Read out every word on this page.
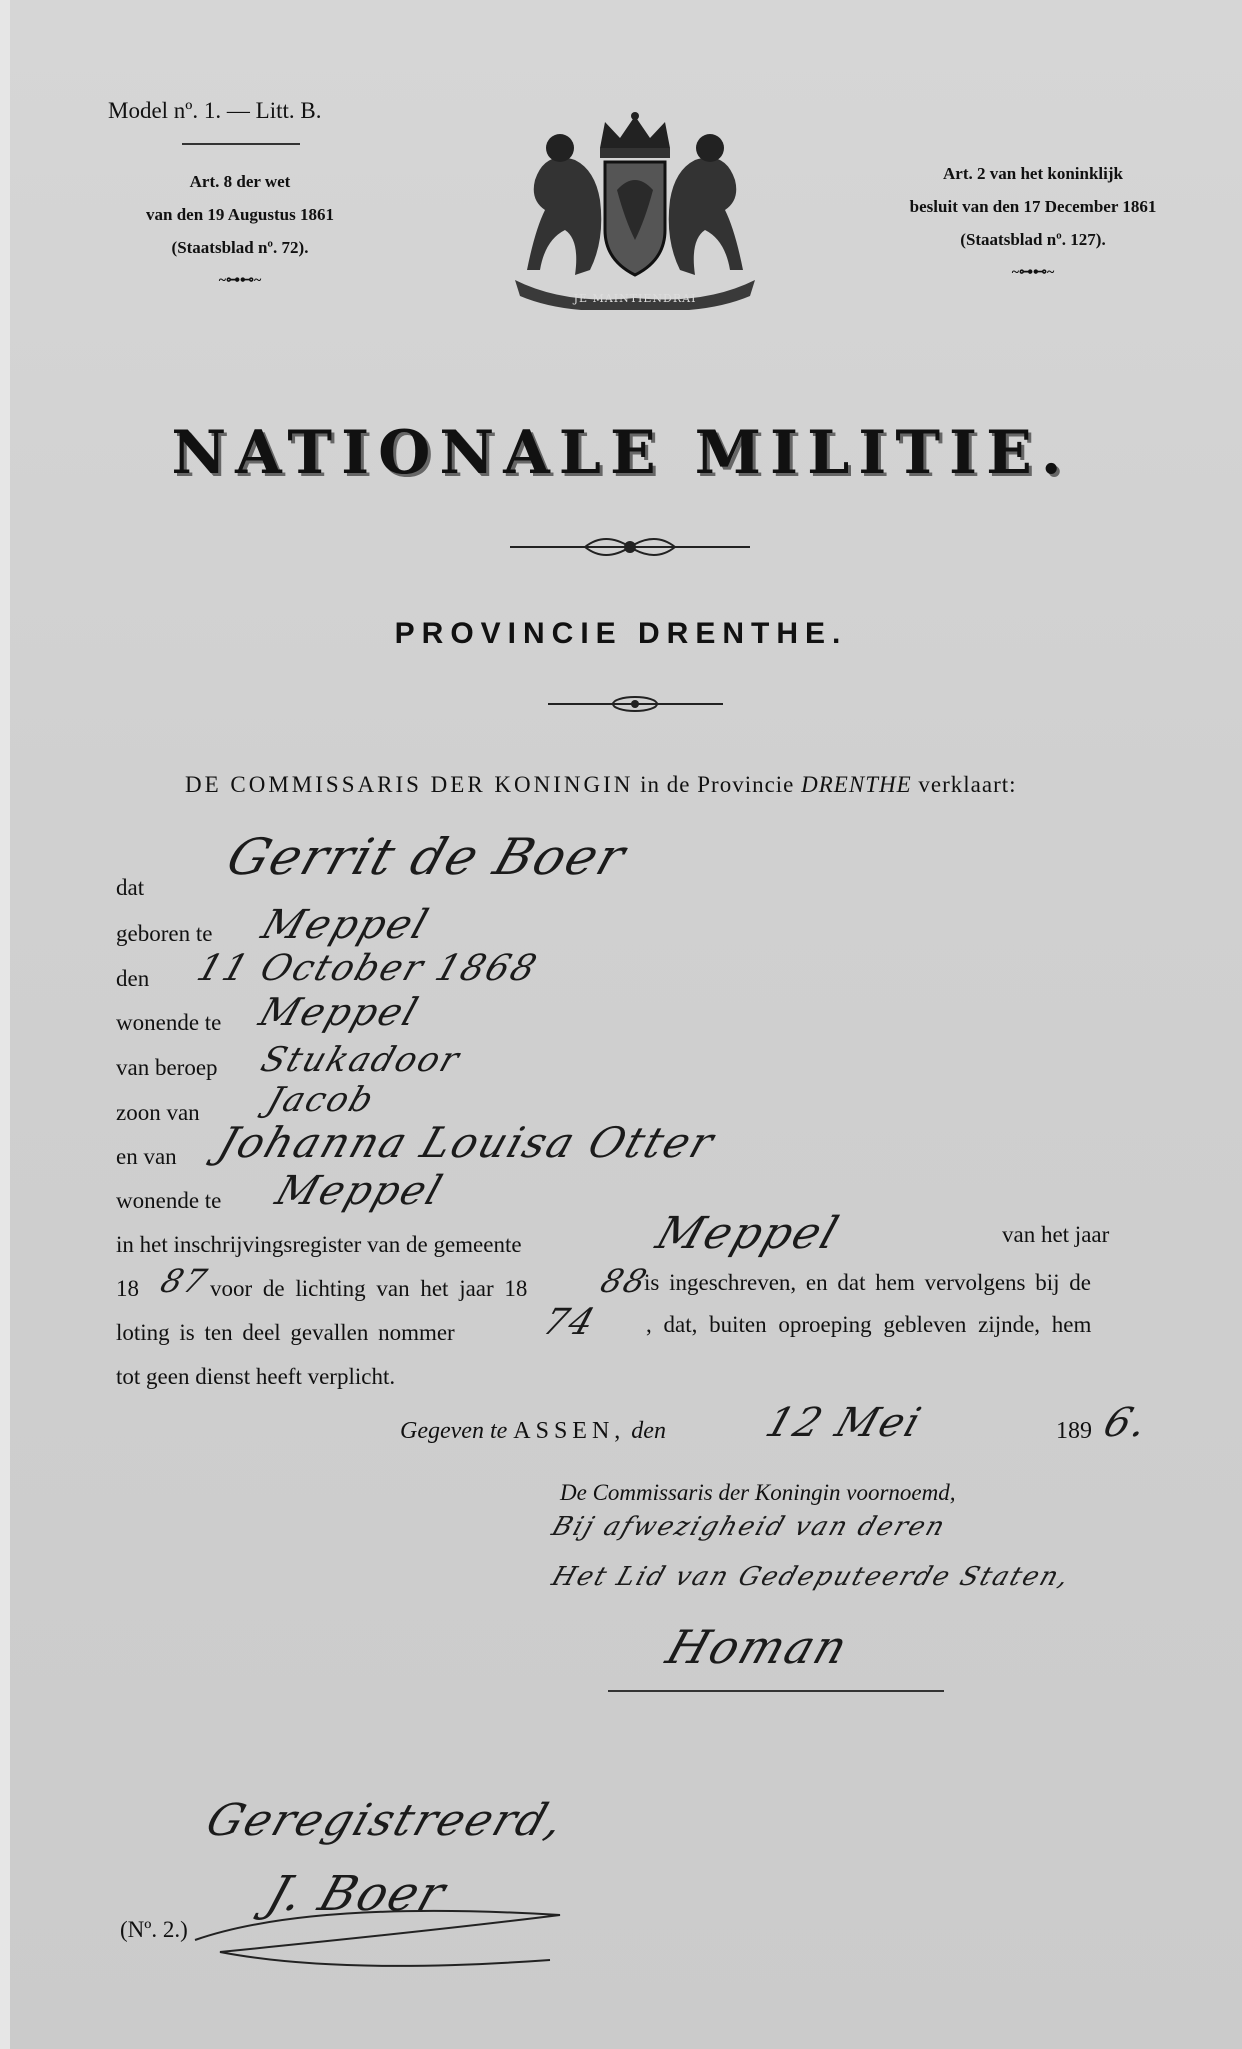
Model nº. 1. — Litt. B.
Art. 8 der wet
van den 19 Augustus 1861
(Staatsblad nº. 72).
~⊶⊷~
Art. 2 van het koninklijk
besluit van den 17 December 1861
(Staatsblad nº. 127).
~⊶⊷~
JE MAINTIENDRAI
NATIONALE MILITIE.
PROVINCIE DRENTHE.
DE COMMISSARIS DER KONINGIN in de Provincie DRENTHE verklaart:
dat
Gerrit de Boer
geboren te Meppel
den 11 October 1868
wonende te Meppel
van beroep Stukadoor
zoon van Jacob
en van Johanna Louisa Otter
wonende te Meppel
in het inschrijvingsregister van de gemeente	Meppel	van het jaar
18 87
voor de lichting van het jaar 18 88
is ingeschreven, en dat hem vervolgens bij de
loting is ten deel gevallen nommer 74 , dat, buiten oproeping gebleven zijnde, hem
tot geen dienst heeft verplicht.
Gegeven te ASSEN, den 12 Mei	189 6.
De Commissaris der Koningin voornoemd,
Bij afwezigheid van deren
Het Lid van Gedeputeerde Staten,
Homan
Geregistreerd,
J. Boer
(Nº. 2.)
